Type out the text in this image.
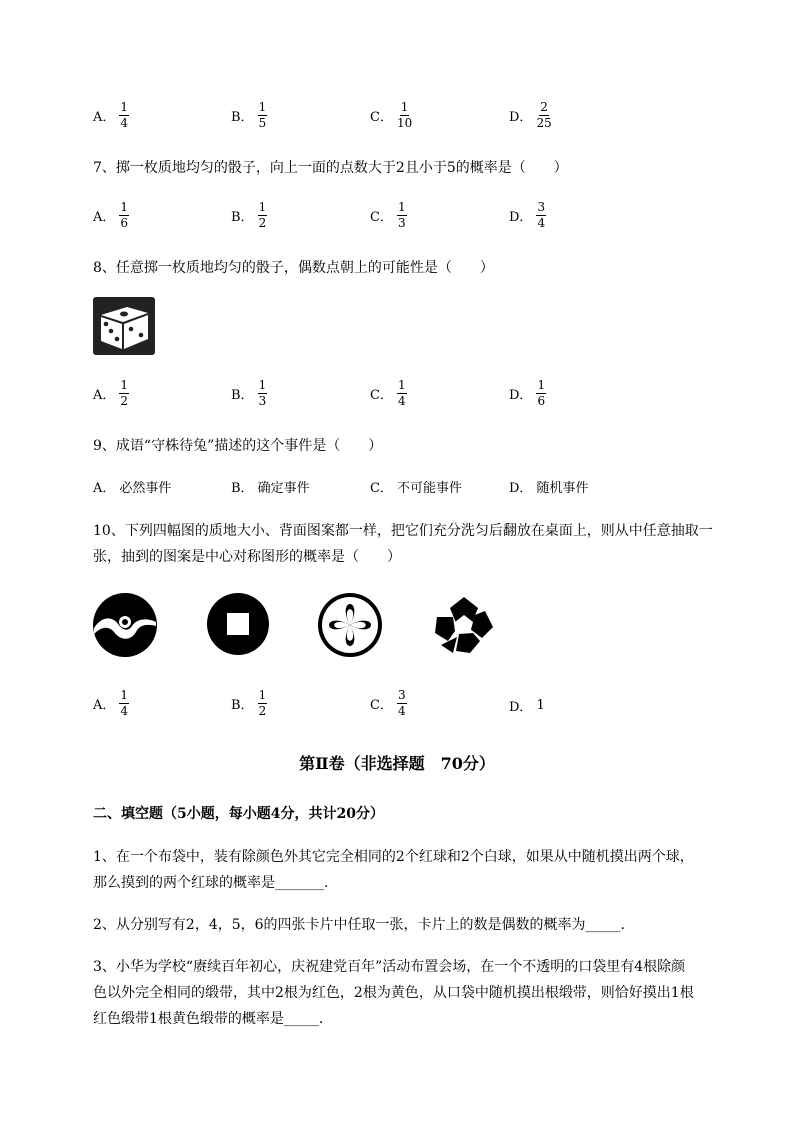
A． $\frac{1}{4}$	B． $\frac{1}{5}$	C． $\frac{1}{10}$	D． $\frac{2}{25}$
7、掷一枚质地均匀的骰子，向上一面的点数大于2且小于5的概率是（　　）
A． $\frac{1}{6}$	B． $\frac{1}{2}$	C． $\frac{1}{3}$	D． $\frac{3}{4}$
8、任意掷一枚质地均匀的骰子，偶数点朝上的可能性是（　　）
A． $\frac{1}{2}$	B． $\frac{1}{3}$	C． $\frac{1}{4}$	D． $\frac{1}{6}$
9、成语“守株待兔”描述的这个事件是（　　）
A． 必然事件	B． 确定事件	C． 不可能事件	D． 随机事件
10、下列四幅图的质地大小、背面图案都一样，把它们充分洗匀后翻放在桌面上，则从中任意抽取一
张，抽到的图案是中心对称图形的概率是（　　）
A． $\frac{1}{4}$	B． $\frac{1}{2}$	C． $\frac{3}{4}$	D． 1
第Ⅱ卷（非选择题　70分）
二、填空题（5小题，每小题4分，共计20分）
1、在一个布袋中，装有除颜色外其它完全相同的2个红球和2个白球，如果从中随机摸出两个球，
那么摸到的两个红球的概率是_______.
2、从分别写有2，4，5，6的四张卡片中任取一张，卡片上的数是偶数的概率为_____.
3、小华为学校“赓续百年初心，庆祝建党百年”活动布置会场，在一个不透明的口袋里有4根除颜
色以外完全相同的缎带，其中2根为红色，2根为黄色，从口袋中随机摸出根缎带，则恰好摸出1根
红色缎带1根黄色缎带的概率是_____.
